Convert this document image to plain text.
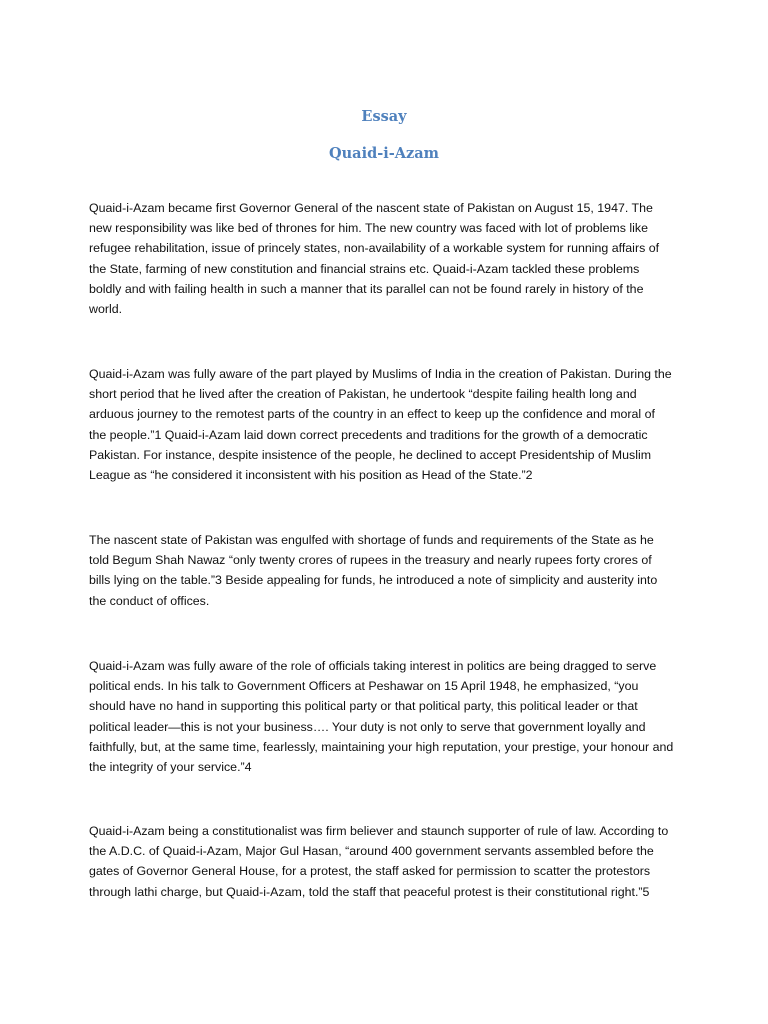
Essay
Quaid-i-Azam

Quaid-i-Azam became first Governor General of the nascent state of Pakistan on August 15, 1947. The new responsibility was like bed of thrones for him. The new country was faced with lot of problems like refugee rehabilitation, issue of princely states, non-availability of a workable system for running affairs of the State, farming of new constitution and financial strains etc. Quaid-i-Azam tackled these problems boldly and with failing health in such a manner that its parallel can not be found rarely in history of the world.

Quaid-i-Azam was fully aware of the part played by Muslims of India in the creation of Pakistan. During the short period that he lived after the creation of Pakistan, he undertook “despite failing health long and arduous journey to the remotest parts of the country in an effect to keep up the confidence and moral of the people.”1 Quaid-i-Azam laid down correct precedents and traditions for the growth of a democratic Pakistan. For instance, despite insistence of the people, he declined to accept Presidentship of Muslim League as “he considered it inconsistent with his position as Head of the State.”2

The nascent state of Pakistan was engulfed with shortage of funds and requirements of the State as he told Begum Shah Nawaz “only twenty crores of rupees in the treasury and nearly rupees forty crores of bills lying on the table.”3 Beside appealing for funds, he introduced a note of simplicity and austerity into the conduct of offices.

Quaid-i-Azam was fully aware of the role of officials taking interest in politics are being dragged to serve political ends. In his talk to Government Officers at Peshawar on 15 April 1948, he emphasized, “you should have no hand in supporting this political party or that political party, this political leader or that political leader—this is not your business…. Your duty is not only to serve that government loyally and faithfully, but, at the same time, fearlessly, maintaining your high reputation, your prestige, your honour and the integrity of your service.”4

Quaid-i-Azam being a constitutionalist was firm believer and staunch supporter of rule of law. According to the A.D.C. of Quaid-i-Azam, Major Gul Hasan, “around 400 government servants assembled before the gates of Governor General House, for a protest, the staff asked for permission to scatter the protestors through lathi charge, but Quaid-i-Azam, told the staff that peaceful protest is their constitutional right.”5
